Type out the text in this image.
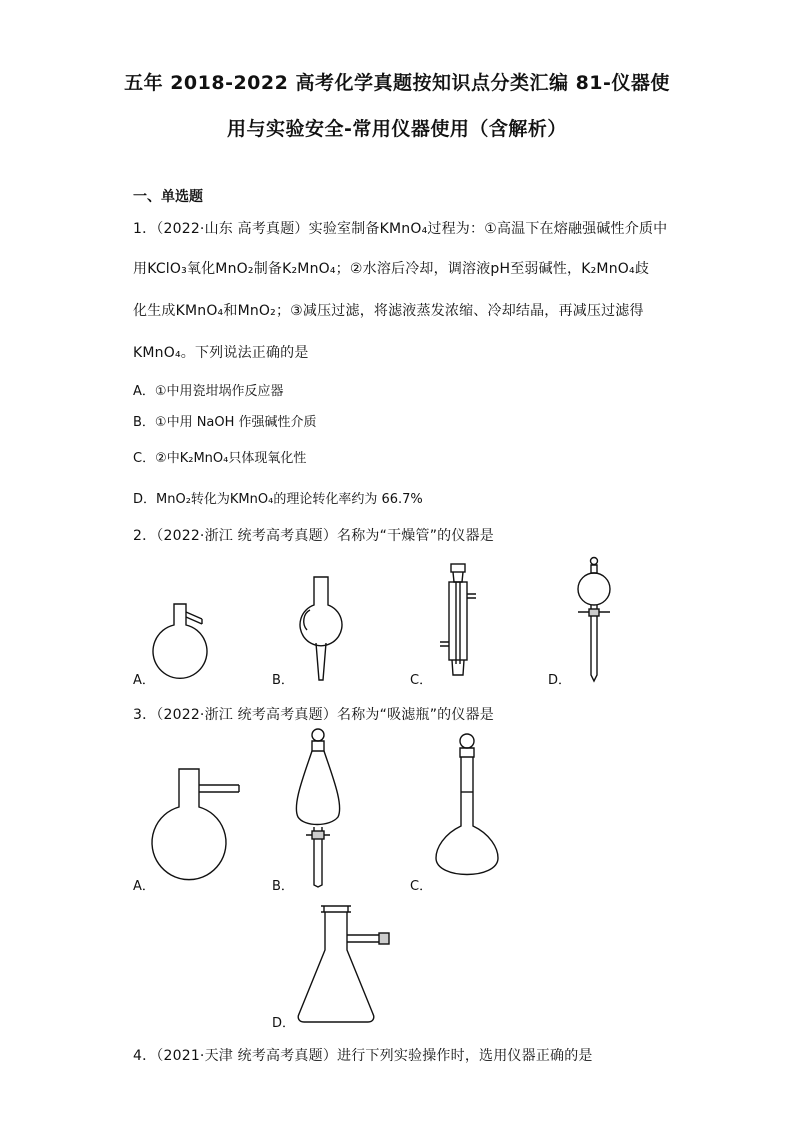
五年 2018-2022 高考化学真题按知识点分类汇编 81-仪器使
用与实验安全-常用仪器使用（含解析）
一、单选题
1．（2022·山东 高考真题）实验室制备KMnO₄过程为：①高温下在熔融强碱性介质中
用KClO₃氧化MnO₂制备K₂MnO₄；②水溶后冷却，调溶液pH至弱碱性，K₂MnO₄歧
化生成KMnO₄和MnO₂；③减压过滤，将滤液蒸发浓缩、冷却结晶，再减压过滤得
KMnO₄。下列说法正确的是
A．①中用瓷坩埚作反应器
B．①中用 NaOH 作强碱性介质
C．②中K₂MnO₄只体现氧化性
D．MnO₂转化为KMnO₄的理论转化率约为 66.7%
2．（2022·浙江 统考高考真题）名称为“干燥管”的仪器是
A．	B．	C．	D．
3．（2022·浙江 统考高考真题）名称为“吸滤瓶”的仪器是
A．	B．	C．
D．
4．（2021·天津 统考高考真题）进行下列实验操作时，选用仪器正确的是
